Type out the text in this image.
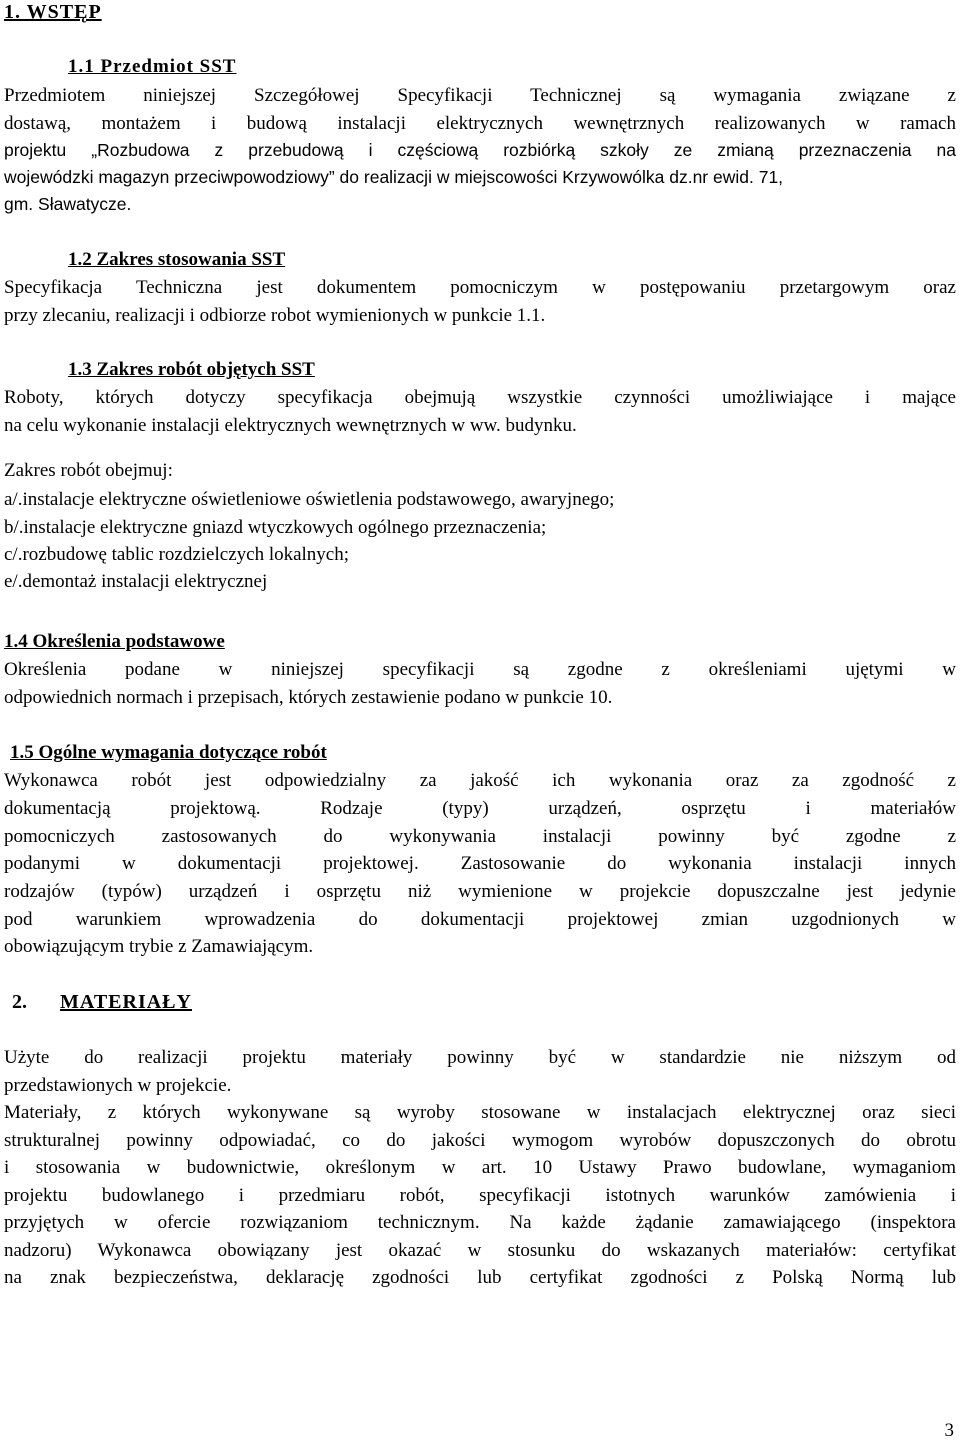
1. WSTĘP
1.1 Przedmiot SST
Przedmiotem niniejszej Szczegółowej Specyfikacji Technicznej są wymagania związane z
dostawą, montażem i budową instalacji elektrycznych wewnętrznych realizowanych w ramach
projektu „Rozbudowa z przebudową i częściową rozbiórką szkoły ze zmianą przeznaczenia na
wojewódzki magazyn przeciwpowodziowy” do realizacji w miejscowości Krzywowólka dz.nr ewid. 71,
gm. Sławatycze.
1.2 Zakres stosowania SST
Specyfikacja Techniczna jest dokumentem pomocniczym w postępowaniu przetargowym oraz
przy zlecaniu, realizacji i odbiorze robot wymienionych w punkcie 1.1.
1.3 Zakres robót objętych SST
Roboty, których dotyczy specyfikacja obejmują wszystkie czynności umożliwiające i mające
na celu wykonanie instalacji elektrycznych wewnętrznych w ww. budynku.
Zakres robót obejmuj:
a/.instalacje elektryczne oświetleniowe oświetlenia podstawowego, awaryjnego;
b/.instalacje elektryczne gniazd wtyczkowych ogólnego przeznaczenia;
c/.rozbudowę tablic rozdzielczych lokalnych;
e/.demontaż instalacji elektrycznej
1.4 Określenia podstawowe
Określenia podane w niniejszej specyfikacji są zgodne z określeniami ujętymi w
odpowiednich normach i przepisach, których zestawienie podano w punkcie 10.
1.5 Ogólne wymagania dotyczące robót
Wykonawca robót jest odpowiedzialny za jakość ich wykonania oraz za zgodność z
dokumentacją projektową. Rodzaje (typy) urządzeń, osprzętu i materiałów
pomocniczych zastosowanych do wykonywania instalacji powinny być zgodne z
podanymi w dokumentacji projektowej. Zastosowanie do wykonania instalacji innych
rodzajów (typów) urządzeń i osprzętu niż wymienione w projekcie dopuszczalne jest jedynie
pod warunkiem wprowadzenia do dokumentacji projektowej zmian uzgodnionych w
obowiązującym trybie z Zamawiającym.
2. MATERIAŁY
Użyte do realizacji projektu materiały powinny być w standardzie nie niższym od
przedstawionych w projekcie.
Materiały, z których wykonywane są wyroby stosowane w instalacjach elektrycznej oraz sieci
strukturalnej powinny odpowiadać, co do jakości wymogom wyrobów dopuszczonych do obrotu
i stosowania w budownictwie, określonym w art. 10 Ustawy Prawo budowlane, wymaganiom
projektu budowlanego i przedmiaru robót, specyfikacji istotnych warunków zamówienia i
przyjętych w ofercie rozwiązaniom technicznym. Na każde żądanie zamawiającego (inspektora
nadzoru) Wykonawca obowiązany jest okazać w stosunku do wskazanych materiałów: certyfikat
na znak bezpieczeństwa, deklarację zgodności lub certyfikat zgodności z Polską Normą lub
3
